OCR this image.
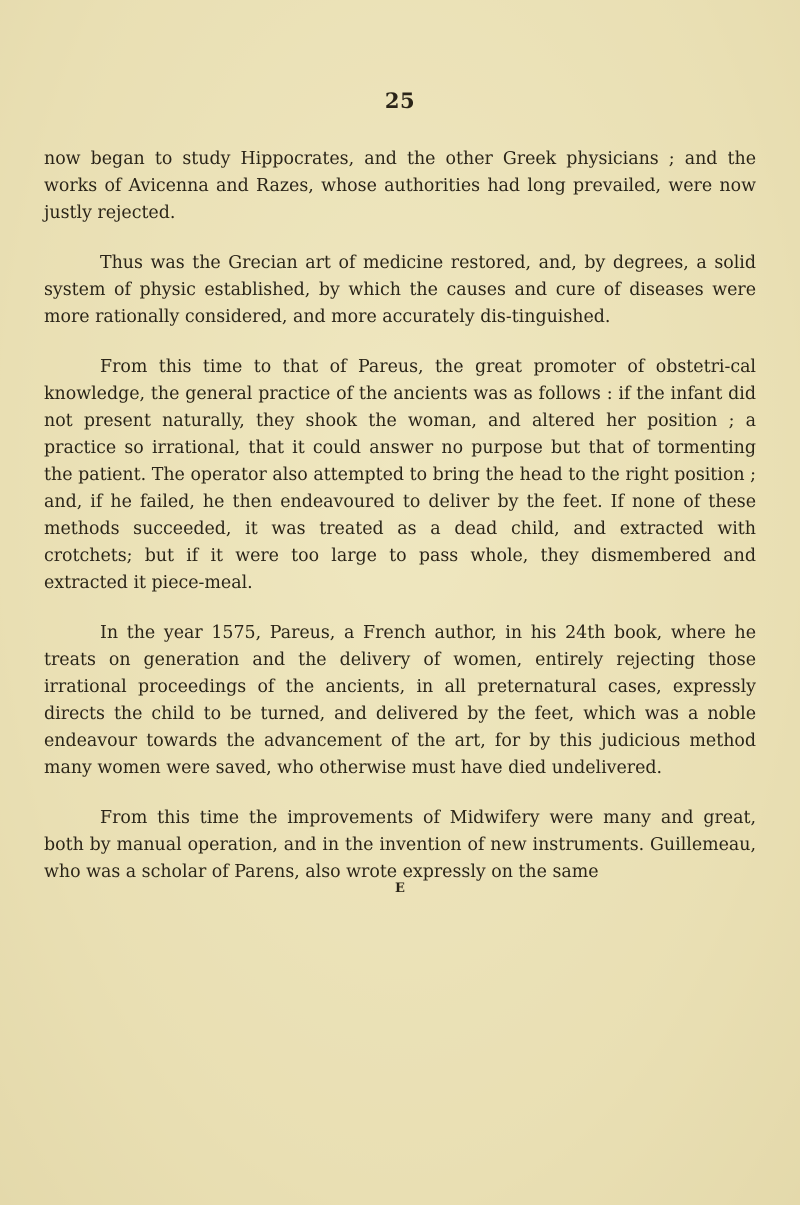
25

now began to study Hippocrates, and the other Greek physicians ; and the works of Avicenna and Razes, whose authorities had long prevailed, were now justly rejected.

Thus was the Grecian art of medicine restored, and, by degrees, a solid system of physic established, by which the causes and cure of diseases were more rationally considered, and more accurately dis-tinguished.

From this time to that of Pareus, the great promoter of obstetri-cal knowledge, the general practice of the ancients was as follows : if the infant did not present naturally, they shook the woman, and altered her position ; a practice so irrational, that it could answer no purpose but that of tormenting the patient. The operator also attempted to bring the head to the right position ; and, if he failed, he then endeavoured to deliver by the feet. If none of these methods succeeded, it was treated as a dead child, and extracted with crotchets; but if it were too large to pass whole, they dismembered and extracted it piece-meal.

In the year 1575, Pareus, a French author, in his 24th book, where he treats on generation and the delivery of women, entirely rejecting those irrational proceedings of the ancients, in all preternatural cases, expressly directs the child to be turned, and delivered by the feet, which was a noble endeavour towards the advancement of the art, for by this judicious method many women were saved, who otherwise must have died undelivered.

From this time the improvements of Midwifery were many and great, both by manual operation, and in the invention of new instruments. Guillemeau, who was a scholar of Parens, also wrote expressly on the same

E
